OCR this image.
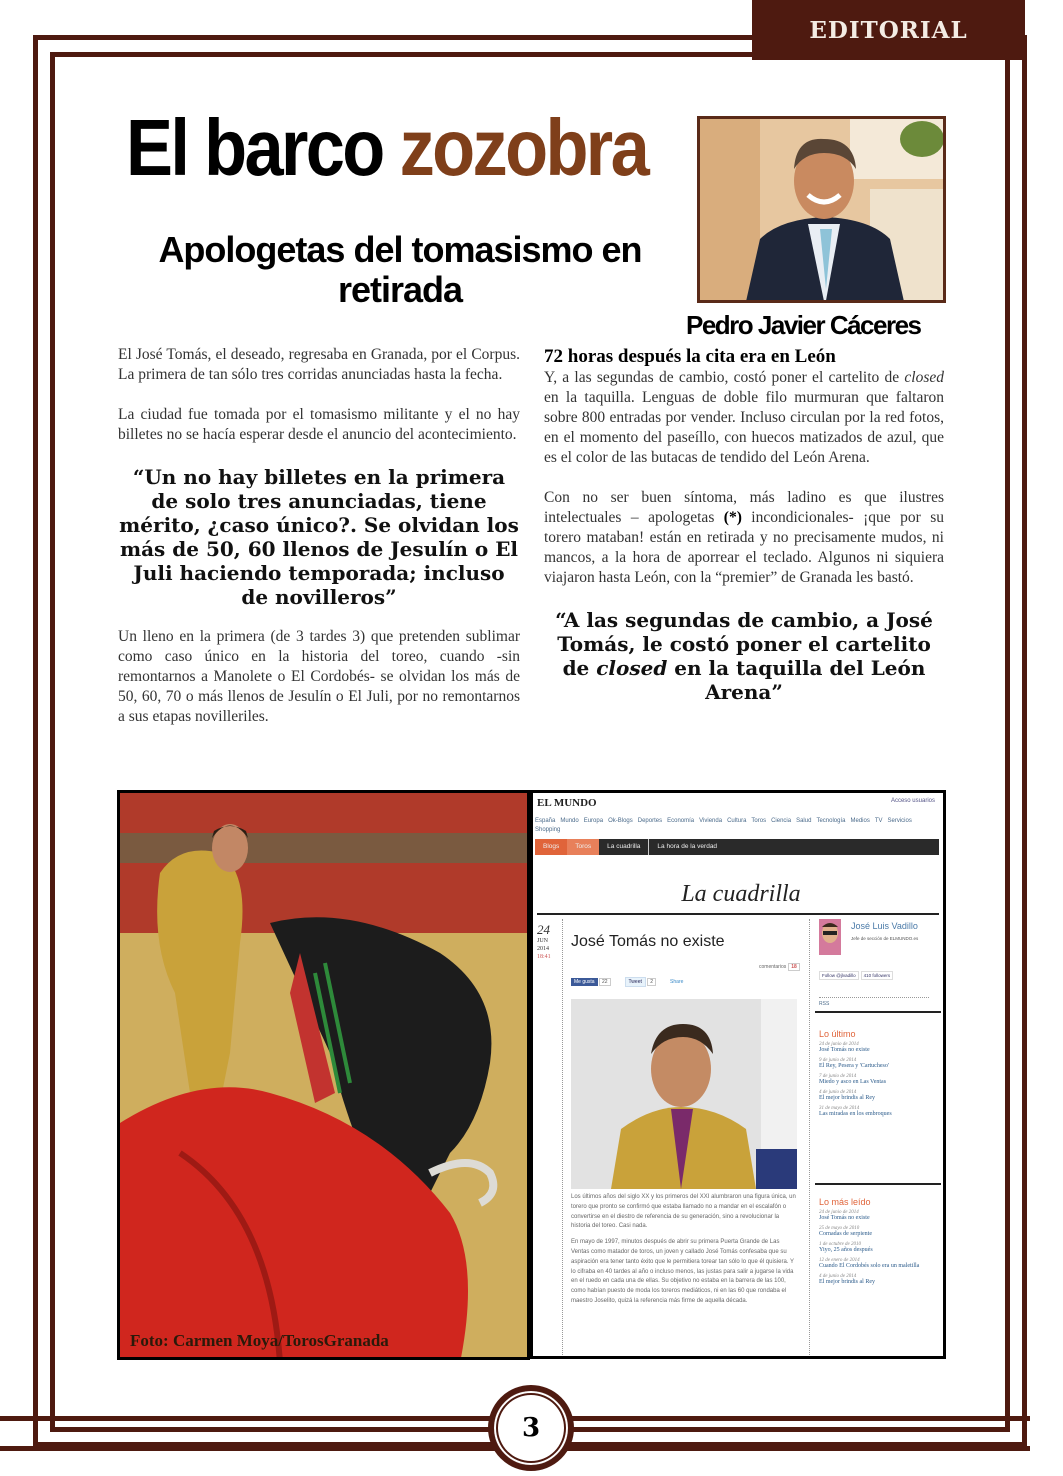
EDITORIAL
El barco zozobra
Apologetas del tomasismo en retirada
Pedro Javier Cáceres

El José Tomás, el deseado, regresaba en Granada, por el Corpus. La primera de tan sólo tres corridas anunciadas hasta la fecha.

La ciudad fue tomada por el tomasismo militante y el no hay billetes no se hacía esperar desde el anuncio del acontecimiento.

“Un no hay billetes en la primera de solo tres anunciadas, tiene mérito, ¿caso único?. Se olvidan los más de 50, 60 llenos de Jesulín o El Juli haciendo temporada; incluso de novilleros”

Un lleno en la primera (de 3 tardes 3) que pretenden sublimar como caso único en la historia del toreo, cuando -sin remontarnos a Manolete o El Cordobés- se olvidan los más de 50, 60, 70 o más llenos de Jesulín o El Juli, por no remontarnos a sus etapas novilleriles.

72 horas después la cita era en León

Y, a las segundas de cambio, costó poner el cartelito de closed en la taquilla. Lenguas de doble filo murmuran que faltaron sobre 800 entradas por vender. Incluso circulan por la red fotos, en el momento del paseíllo, con huecos matizados de azul, que es el color de las butacas de tendido del León Arena.

Con no ser buen síntoma, más ladino es que ilustres intelectuales – apologetas (*) incondicionales- ¡que por su torero mataban! están en retirada y no precisamente mudos, ni mancos, a la hora de aporrear el teclado. Algunos ni siquiera viajaron hasta León, con la “premier” de Granada les bastó.

“A las segundas de cambio, a José Tomás, le costó poner el cartelito de closed en la taquilla del León Arena”
Foto: Carmen Moya/TorosGranada
EL MUNDO	Acceso usuarios
España Mundo Europa Ok-Blogs Deportes Economía Vivienda Cultura Toros Ciencia Salud Tecnología Medios TV Servicios
Shopping
Blogs	Toros	La cuadrilla	La hora de la verdad
La cuadrilla
24
JUN
2014
18:41
José Tomás no existe
comentarios 18
Me gusta 22	Tweet 2	Share

Los últimos años del siglo XX y los primeros del XXI alumbraron una figura única, un torero que pronto se confirmó que estaba llamado no a mandar en el escalafón o convertirse en el diestro de referencia de su generación, sino a revolucionar la historia del toreo. Casi nada.

En mayo de 1997, minutos después de abrir su primera Puerta Grande de Las Ventas como matador de toros, un joven y callado José Tomás confesaba que su aspiración era tener tanto éxito que le permitiera torear tan sólo lo que él quisiera. Y lo cifraba en 40 tardes al año o incluso menos, las justas para salir a jugarse la vida en el ruedo en cada una de ellas. Su objetivo no estaba en la barrera de las 100, como habían puesto de moda los toreros mediáticos, ni en las 60 que rondaba el maestro Joselito, quizá la referencia más firme de aquella década.

José Luis Vadillo
Jefe de sección de ELMUNDO.es
Follow @jlvadillo 410 followers
RSS
Lo último
24 de junio de 2014
José Tomás no existe
9 de junio de 2014
El Rey, Pesera y 'Cartucheso'
7 de junio de 2014
Miedo y asco en Las Ventas
4 de junio de 2014
El mejor brindis al Rey
31 de mayo de 2014
Las miradas en los embroques
Lo más leído
24 de junio de 2014
José Tomás no existe
25 de mayo de 2010
Cornadas de serpiente
1 de octubre de 2010
Yiyo, 25 años después
12 de enero de 2014
Cuando El Cordobés solo era un maletilla
4 de junio de 2014
El mejor brindis al Rey
3
